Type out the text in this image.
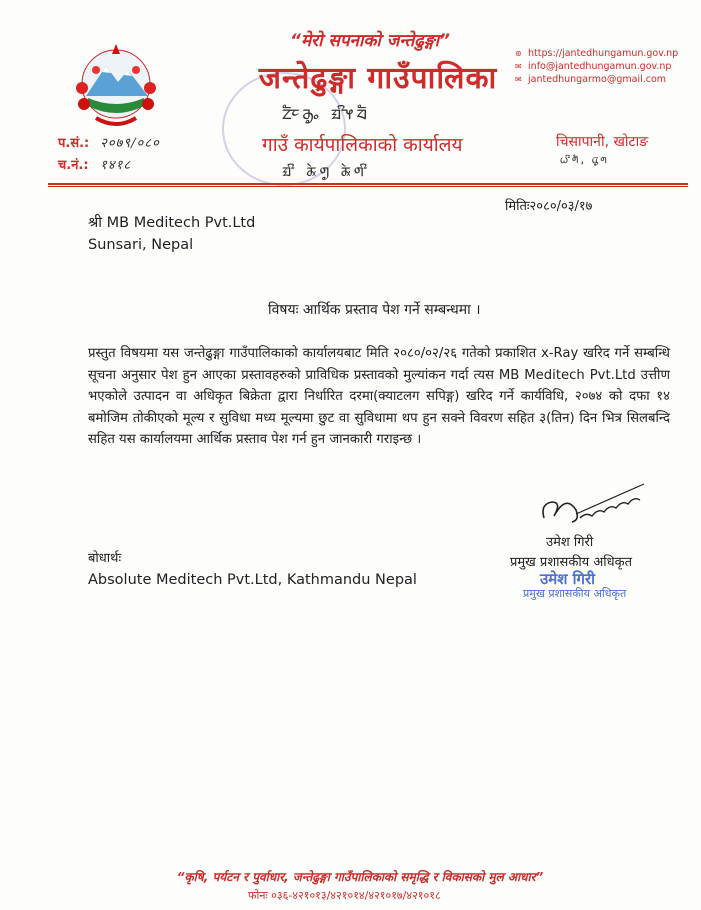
“मेरो सपनाको जन्तेढुङ्गा”
जन्तेढुङ्गा गाउँपालिका
ᤁᤠᤰᤌᤢᤱ ᤀᤡᤶᤔᤠ
गाउँ कार्यपालिकाको कार्यालय
ᤀᤡ ᤊᤧᤛᤢ ᤊᤧᤛᤡ
⊛ https://jantedhungamun.gov.np
✉ info@jantedhungamun.gov.np
✉ jantedhungarmo@gmail.com
चिसापानी, खोटाङ
ᤐᤡᤛᤠ, ᤂᤢᤛ
प.सं.: २०७९/०८०
च.नं.: १४१८
मितिः२०८०/०३/१७
श्री MB Meditech Pvt.Ltd
Sunsari, Nepal
विषयः आर्थिक प्रस्ताव पेश गर्ने सम्बन्धमा ।
प्रस्तुत विषयमा यस जन्तेढुङ्गा गाउँपालिकाको कार्यालयबाट मिति २०८०/०२/२६ गतेको प्रकाशित x-Ray खरिद गर्ने सम्बन्धि सूचना अनुसार पेश हुन आएका प्रस्तावहरुको प्राविधिक प्रस्तावको मुल्यांकन गर्दा त्यस MB Meditech Pvt.Ltd उत्तीण भएकोले उत्पादन वा अधिकृत बिक्रेता द्वारा निर्धारित दरमा(क्याटलग सपिङ्ग) खरिद गर्ने कार्यविधि, २०७४ को दफा १४ बमोजिम तोकीएको मूल्य र सुविधा मध्य मूल्यमा छुट वा सुविधामा थप हुन सक्ने विवरण सहित ३(तिन) दिन भित्र सिलबन्दि सहित यस कार्यालयमा आर्थिक प्रस्ताव पेश गर्न हुन जानकारी गराइन्छ ।
उमेश गिरी
प्रमुख प्रशासकीय अधिकृत
उमेश गिरी
प्रमुख प्रशासकीय अधिकृत
बोधार्थः
Absolute Meditech Pvt.Ltd, Kathmandu Nepal
“कृषि, पर्यटन र पुर्वाधार, जन्तेढुङ्गा गाउँपालिकाको समृद्धि र विकासको मुल आधार”
फोनः ०३६-४२१०१३/४२१०१४/४२१०१७/४२१०१८
